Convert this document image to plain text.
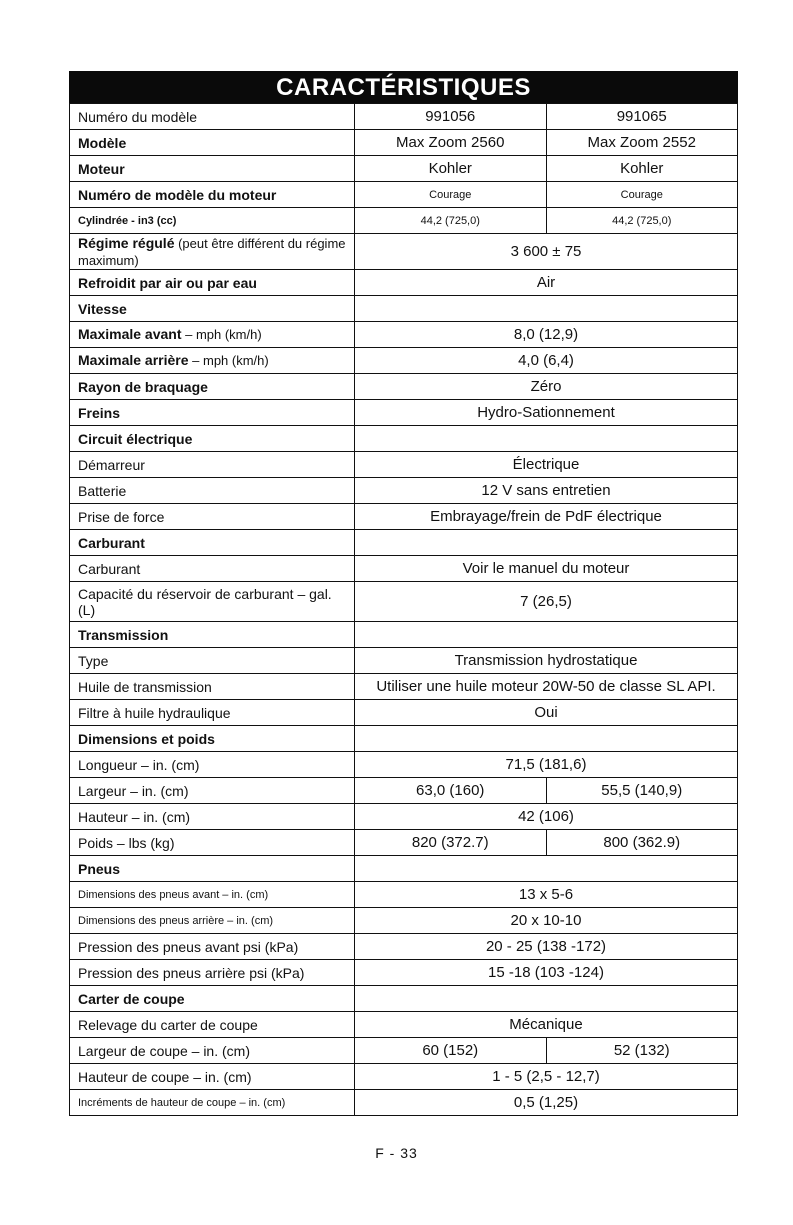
CARACTÉRISTIQUES
Numéro du modèle	991056	991065
Modèle	Max Zoom 2560	Max Zoom 2552
Moteur	Kohler	Kohler
Numéro de modèle du moteur	Courage	Courage
Cylindrée - in3 (cc)	44,2 (725,0)	44,2 (725,0)
Régime régulé (peut être différent du régime maximum)	3 600 ± 75	
Refroidit par air ou par eau	Air	
Vitesse		
Maximale avant – mph (km/h)	8,0 (12,9)	
Maximale arrière – mph (km/h)	4,0 (6,4)	
Rayon de braquage	Zéro	
Freins	Hydro-Sationnement	
Circuit électrique		
Démarreur	Électrique	
Batterie	12 V sans entretien	
Prise de force	Embrayage/frein de PdF électrique	
Carburant		
Carburant	Voir le manuel du moteur	
Capacité du réservoir de carburant – gal. (L)	7 (26,5)	
Transmission		
Type	Transmission hydrostatique	
Huile de transmission	Utiliser une huile moteur 20W-50 de classe SL API.	
Filtre à huile hydraulique	Oui	
Dimensions et poids		
Longueur – in. (cm)	71,5 (181,6)	
Largeur – in. (cm)	63,0 (160)	55,5 (140,9)
Hauteur – in. (cm)	42 (106)	
Poids – lbs (kg)	820 (372.7)	800 (362.9)
Pneus		
Dimensions des pneus avant – in. (cm)	13 x 5-6	
Dimensions des pneus arrière – in. (cm)	20 x 10-10	
Pression des pneus avant psi (kPa)	20 - 25 (138 -172)	
Pression des pneus arrière psi (kPa)	15 -18 (103 -124)	
Carter de coupe		
Relevage du carter de coupe	Mécanique	
Largeur de coupe – in. (cm)	60 (152)	52 (132)
Hauteur de coupe – in. (cm)	1 - 5 (2,5 - 12,7)	
Incréments de hauteur de coupe – in. (cm)	0,5 (1,25)	
F - 33
